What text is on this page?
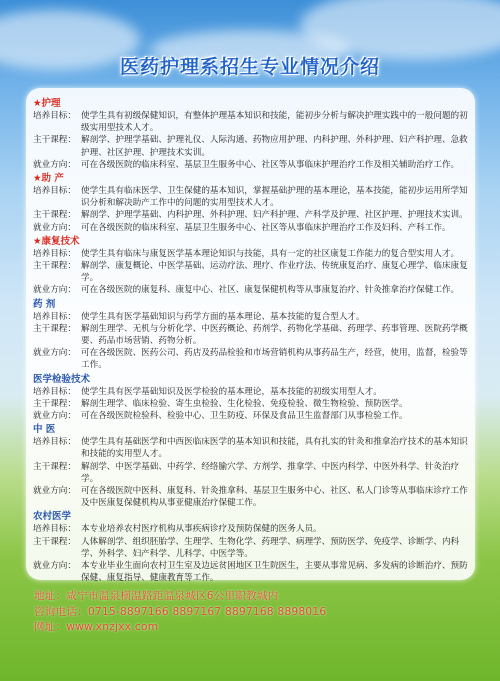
医药护理系招生专业情况介绍
★护理
培养目标： 使学生具有初级保健知识，有整体护理基本知识和技能，能初步分析与解决护理实践中的一般问题的初级实用型技术人才。
主干课程： 解剖学、护理学基础、护理礼仪、人际沟通、药物应用护理、内科护理、外科护理、妇产科护理、急救护理、社区护理、护理技术实训。
就业方向： 可在各级医院的临床科室、基层卫生服务中心、社区等从事临床护理治疗工作及相关辅助治疗工作。
★助 产
培养目标： 使学生具有临床医学、卫生保健的基本知识，掌握基础护理的基本理论，基本技能，能初步运用所学知识分析和解决助产工作中的问题的实用型技术人才。
主干课程： 解剖学、护理学基础、内科护理、外科护理、妇产科护理、产科学及护理、社区护理、护理技术实训。
就业方向： 可在各级医院的临床科室、基层卫生服务中心、社区等从事临床护理治疗工作及妇科、产科工作。
★康复技术
培养目标： 使学生具有临床与康复医学基本理论知识与技能，具有一定的社区康复工作能力的复合型实用人才。
主干课程： 解剖学、康复概论、中医学基础、运动疗法、理疗、作业疗法、传统康复治疗、康复心理学、临床康复学。
就业方向： 可在各级医院的康复科、康复中心、社区、康复保健机构等从事康复治疗、针灸推拿治疗保健工作。
药 剂
培养目标： 使学生具有医学基础知识与药学方面的基本理论、基本技能的复合型人才。
主干课程： 解剖生理学、无机与分析化学、中医药概论、药剂学、药物化学基础、药理学、药事管理、医院药学概要、药品市场营销、药物分析。
就业方向： 可在各级医院、医药公司、药店及药品检验和市场营销机构从事药品生产，经营，使用，监督，检验等工作。
医学检验技术
培养目标： 使学生具有医学基础知识及医学检验的基本理论，基本技能的初级实用型人才。
主干课程： 解剖生理学、临床检验、寄生虫检验、生化检验、免疫检验、微生物检验、预防医学。
就业方向： 可在各级医院检验科、检验中心、卫生防疫、环保及食品卫生监督部门从事检验工作。
中 医
培养目标： 使学生具有基础医学和中西医临床医学的基本知识和技能，具有扎实的针灸和推拿治疗技术的基本知识和技能的实用型人才。
主干课程： 解剖学、中医学基础、中药学、经络腧穴学、方剂学、推拿学、中医内科学、中医外科学、针灸治疗学。
就业方向： 可在各级医院中医科、康复科、针灸推拿科、基层卫生服务中心、社区、私人门诊等从事临床诊疗工作及中医康复保健机构从事亚健康治疗保健工作。
农村医学
培养目标： 本专业培养农村医疗机构从事疾病诊疗及预防保健的医务人员。
主干课程： 人体解剖学、组织胚胎学、生理学、生物化学、药理学、病理学、预防医学、免疫学、诊断学、内科学、外科学、妇产科学、儿科学、中医学等。
就业方向： 本专业毕业生面向农村卫生室及边远贫困地区卫生院医生，主要从事常见病、多发病的诊断治疗、预防保健、康复指导、健康教育等工作。
地址：咸宁市温泉横温路距温泉城区6公里职教城内
咨询电话：0715-8897166 8897167 8897168 8898016
网址：www.xnzjxx.com
